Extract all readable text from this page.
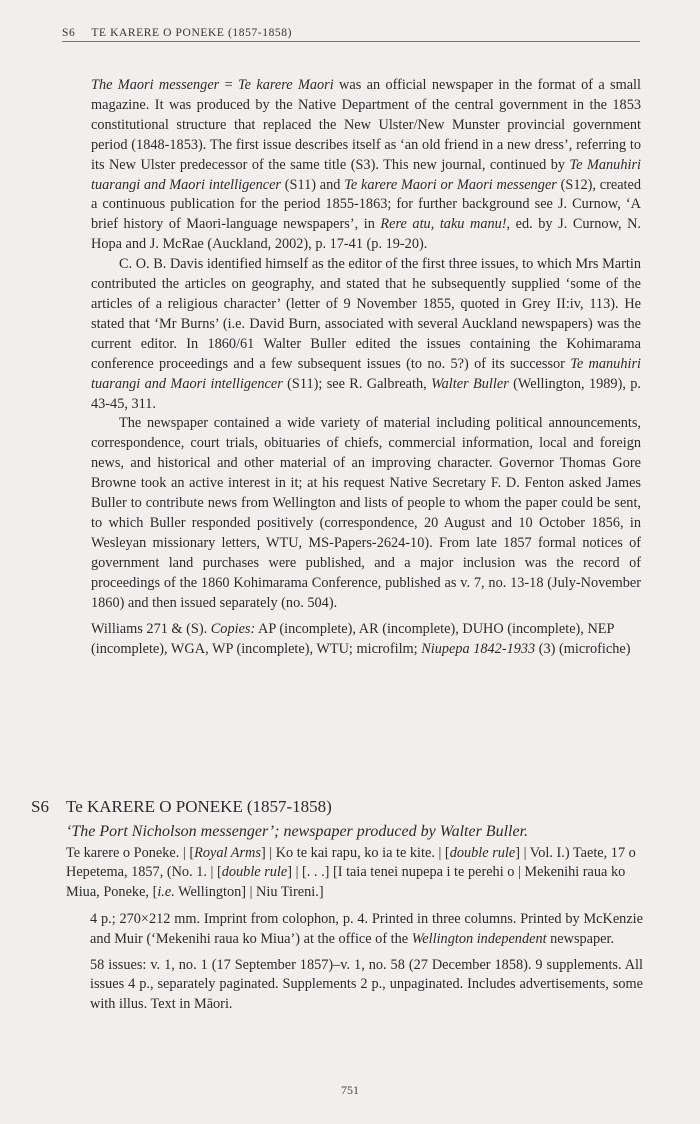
S6 TE KARERE O PONEKE (1857-1858)

The Maori messenger = Te karere Maori was an official newspaper in the format of a small magazine. It was produced by the Native Department of the central government in the 1853 constitutional structure that replaced the New Ulster/New Munster provincial government period (1848-1853). The first issue describes itself as ‘an old friend in a new dress’, referring to its New Ulster predecessor of the same title (S3). This new journal, continued by Te Manuhiri tuarangi and Maori intelligencer (S11) and Te karere Maori or Maori messenger (S12), created a continuous publication for the period 1855-1863; for further background see J. Curnow, ‘A brief history of Maori-language newspapers’, in Rere atu, taku manu!, ed. by J. Curnow, N. Hopa and J. McRae (Auckland, 2002), p. 17-41 (p. 19-20).

C. O. B. Davis identified himself as the editor of the first three issues, to which Mrs Martin contributed the articles on geography, and stated that he subsequently supplied ‘some of the articles of a religious character’ (letter of 9 November 1855, quoted in Grey II:iv, 113). He stated that ‘Mr Burns’ (i.e. David Burn, associated with several Auckland newspapers) was the current editor. In 1860/61 Walter Buller edited the issues containing the Kohimarama conference proceedings and a few subsequent issues (to no. 5?) of its successor Te manuhiri tuarangi and Maori intelligencer (S11); see R. Galbreath, Walter Buller (Wellington, 1989), p. 43-45, 311.

The newspaper contained a wide variety of material including political announcements, correspondence, court trials, obituaries of chiefs, commercial information, local and foreign news, and historical and other material of an improving character. Governor Thomas Gore Browne took an active interest in it; at his request Native Secretary F. D. Fenton asked James Buller to contribute news from Wellington and lists of people to whom the paper could be sent, to which Buller responded positively (correspondence, 20 August and 10 October 1856, in Wesleyan missionary letters, WTU, MS-Papers-2624-10). From late 1857 formal notices of government land purchases were published, and a major inclusion was the record of proceedings of the 1860 Kohimarama Conference, published as v. 7, no. 13-18 (July-November 1860) and then issued separately (no. 504).

Williams 271 & (S). Copies: AP (incomplete), AR (incomplete), DUHO (incomplete), NEP (incomplete), WGA, WP (incomplete), WTU; microfilm; Niupepa 1842-1933 (3) (microfiche)

S6 Te KARERE O PONEKE (1857-1858)
‘The Port Nicholson messenger’; newspaper produced by Walter Buller.
Te karere o Poneke. | [Royal Arms] | Ko te kai rapu, ko ia te kite. | [double rule] | Vol. I.) Taete, 17 o Hepetema, 1857, (No. 1. | [double rule] | [. . .] [I taia tenei nupepa i te perehi o | Mekenihi raua ko Miua, Poneke, [i.e. Wellington] | Niu Tireni.]

4 p.; 270×212 mm. Imprint from colophon, p. 4. Printed in three columns. Printed by McKenzie and Muir (‘Mekenihi raua ko Miua’) at the office of the Wellington independent newspaper.

58 issues: v. 1, no. 1 (17 September 1857)–v. 1, no. 58 (27 December 1858). 9 supplements. All issues 4 p., separately paginated. Supplements 2 p., unpaginated. Includes advertisements, some with illus. Text in Māori.

751
